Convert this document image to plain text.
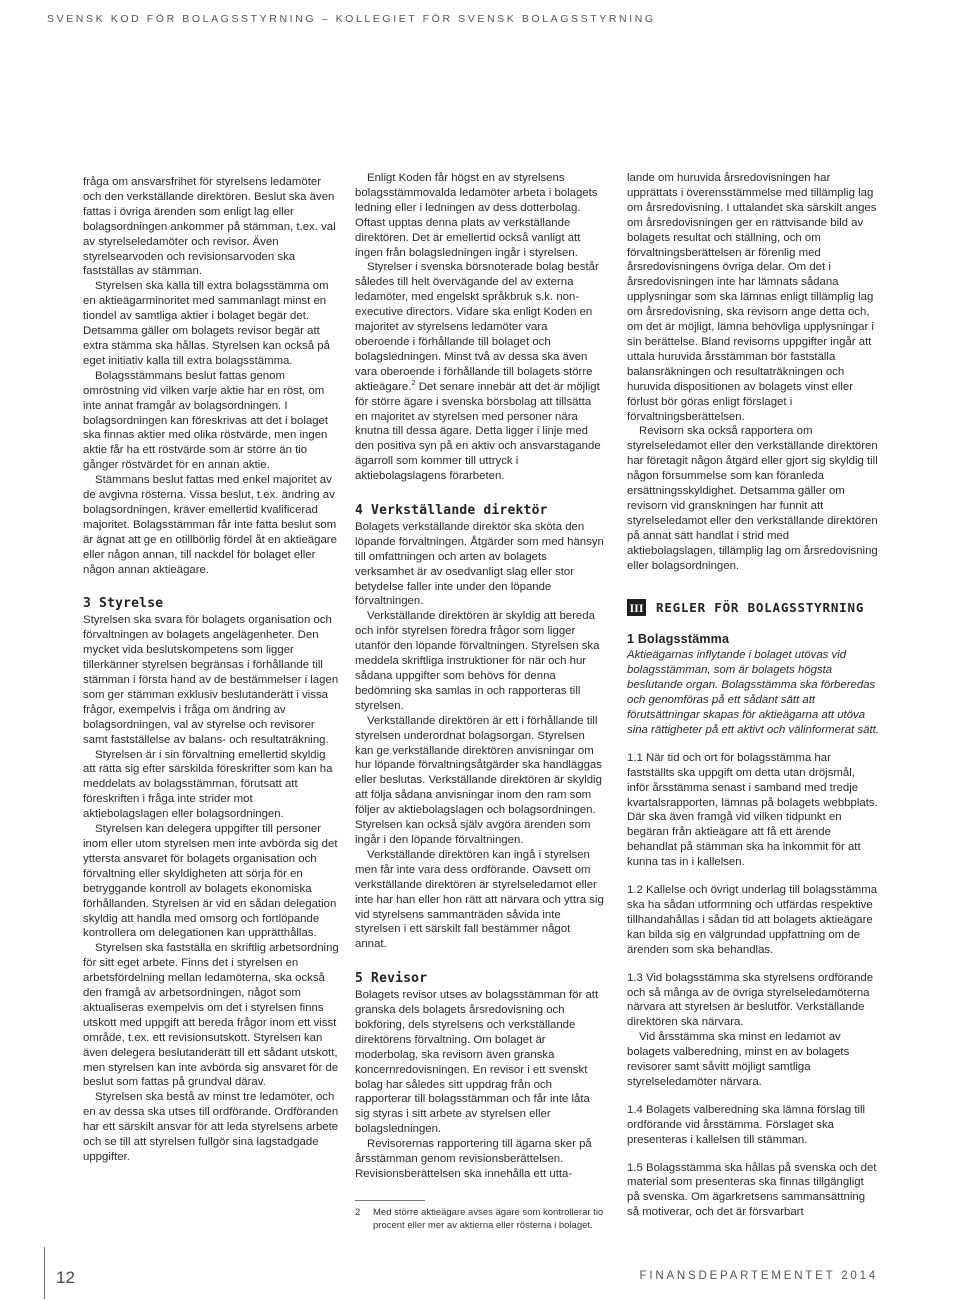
SVENSK KOD FÖR BOLAGSSTYRNING – KOLLEGIET FÖR SVENSK BOLAGSSTYRNING

fråga om ansvarsfrihet för styrelsens ledamöter och den verkställande direktören. Beslut ska även fattas i övriga ärenden som enligt lag eller bolagsordningen ankommer på stämman, t.ex. val av styrelseledamöter och revisor. Även styrelsearvoden och revisionsarvoden ska fastställas av stämman.

Styrelsen ska kalla till extra bolagsstämma om en aktieägarminoritet med sammanlagt minst en tiondel av samtliga aktier i bolaget begär det. Detsamma gäller om bolagets revisor begär att extra stämma ska hållas. Styrelsen kan också på eget initiativ kalla till extra bolagsstämma.

Bolagsstämmans beslut fattas genom omröstning vid vilken varje aktie har en röst, om inte annat framgår av bolagsordningen. I bolagsordningen kan föreskrivas att det i bolaget ska finnas aktier med olika röstvärde, men ingen aktie får ha ett röstvärde som är större än tio gånger röstvärdet för en annan aktie.

Stämmans beslut fattas med enkel majoritet av de avgivna rösterna. Vissa beslut, t.ex. ändring av bolagsordningen, kräver emellertid kvalificerad majoritet. Bolagsstämman får inte fatta beslut som är ägnat att ge en otillbörlig fördel åt en aktieägare eller någon annan, till nackdel för bolaget eller någon annan aktieägare.

3 Styrelse

Styrelsen ska svara för bolagets organisation och förvaltningen av bolagets angelägenheter. Den mycket vida beslutskompetens som ligger tillerkänner styrelsen begränsas i förhållande till stämman i första hand av de bestämmelser i lagen som ger stämman exklusiv beslutanderätt i vissa frågor, exempelvis i fråga om ändring av bolagsordningen, val av styrelse och revisorer samt fastställelse av balans- och resultaträkning.

Styrelsen är i sin förvaltning emellertid skyldig att rätta sig efter särskilda föreskrifter som kan ha meddelats av bolagsstämman, förutsatt att föreskriften i fråga inte strider mot aktiebolagslagen eller bolagsordningen.

Styrelsen kan delegera uppgifter till personer inom eller utom styrelsen men inte avbörda sig det yttersta ansvaret för bolagets organisation och förvaltning eller skyldigheten att sörja för en betryggande kontroll av bolagets ekonomiska förhållanden. Styrelsen är vid en sådan delegation skyldig att handla med omsorg och fortlöpande kontrollera om delegationen kan upprätthållas.

Styrelsen ska fastställa en skriftlig arbetsordning för sitt eget arbete. Finns det i styrelsen en arbetsfördelning mellan ledamöterna, ska också den framgå av arbetsordningen, något som aktualiseras exempelvis om det i styrelsen finns utskott med uppgift att bereda frågor inom ett visst område, t.ex. ett revisionsutskott. Styrelsen kan även delegera beslutanderätt till ett sådant utskott, men styrelsen kan inte avbörda sig ansvaret för de beslut som fattas på grundval därav.

Styrelsen ska bestå av minst tre ledamöter, och en av dessa ska utses till ordförande. Ordföranden har ett särskilt ansvar för att leda styrelsens arbete och se till att styrelsen fullgör sina lagstadgade uppgifter.

Enligt Koden får högst en av styrelsens bolagsstämmovalda ledamöter arbeta i bolagets ledning eller i ledningen av dess dotterbolag. Oftast upptas denna plats av verkställande direktören. Det är emellertid också vanligt att ingen från bolagsledningen ingår i styrelsen.

Styrelser i svenska börsnoterade bolag består således till helt övervägande del av externa ledamöter, med engelskt språkbruk s.k. non-executive directors. Vidare ska enligt Koden en majoritet av styrelsens ledamöter vara oberoende i förhållande till bolaget och bolagsledningen. Minst två av dessa ska även vara oberoende i förhållande till bolagets större aktieägare.$^2$ Det senare innebär att det är möjligt för större ägare i svenska börsbolag att tillsätta en majoritet av styrelsen med personer nära knutna till dessa ägare. Detta ligger i linje med den positiva syn på en aktiv och ansvarstagande ägarroll som kommer till uttryck i aktiebolagslagens förarbeten.

4 Verkställande direktör

Bolagets verkställande direktör ska sköta den löpande förvaltningen. Åtgärder som med hänsyn till omfattningen och arten av bolagets verksamhet är av osedvanligt slag eller stor betydelse faller inte under den löpande förvaltningen.

Verkställande direktören är skyldig att bereda och inför styrelsen föredra frågor som ligger utanför den löpande förvaltningen. Styrelsen ska meddela skriftliga instruktioner för när och hur sådana uppgifter som behövs för denna bedömning ska samlas in och rapporteras till styrelsen.

Verkställande direktören är ett i förhållande till styrelsen underordnat bolagsorgan. Styrelsen kan ge verkställande direktören anvisningar om hur löpande förvaltningsåtgärder ska handläggas eller beslutas. Verkställande direktören är skyldig att följa sådana anvisningar inom den ram som följer av aktiebolagslagen och bolagsordningen. Styrelsen kan också själv avgöra ärenden som ingår i den löpande förvaltningen.

Verkställande direktören kan ingå i styrelsen men får inte vara dess ordförande. Oavsett om verkställande direktören är styrelseledamot eller inte har han eller hon rätt att närvara och yttra sig vid styrelsens sammanträden såvida inte styrelsen i ett särskilt fall bestämmer något annat.

5 Revisor

Bolagets revisor utses av bolagsstämman för att granska dels bolagets årsredovisning och bokföring, dels styrelsens och verkställande direktörens förvaltning. Om bolaget är moderbolag, ska revisorn även granska koncernredovisningen. En revisor i ett svenskt bolag har således sitt uppdrag från och rapporterar till bolagsstämman och får inte låta sig styras i sitt arbete av styrelsen eller bolagsledningen.

Revisorernas rapportering till ägarna sker på årsstämman genom revisionsberättelsen. Revisionsberättelsen ska innehålla ett utta-

2	Med större aktieägare avses ägare som kontrollerar tio procent eller mer av aktierna eller rösterna i bolaget.

lande om huruvida årsredovisningen har upprättats i överensstämmelse med tillämplig lag om årsredovisning. I uttalandet ska särskilt anges om årsredovisningen ger en rättvisande bild av bolagets resultat och ställning, och om förvaltningsberättelsen är förenlig med årsredovisningens övriga delar. Om det i årsredovisningen inte har lämnats sådana upplysningar som ska lämnas enligt tillämplig lag om årsredovisning, ska revisorn ange detta och, om det är möjligt, lämna behövliga upplysningar i sin berättelse. Bland revisorns uppgifter ingår att uttala huruvida årsstämman bör fastställa balansräkningen och resultaträkningen och huruvida dispositionen av bolagets vinst eller förlust bör göras enligt förslaget i förvaltningsberättelsen.

Revisorn ska också rapportera om styrelseledamot eller den verkställande direktören har företagit någon åtgärd eller gjort sig skyldig till någon försummelse som kan föranleda ersättningsskyldighet. Detsamma gäller om revisorn vid granskningen har funnit att styrelseledamot eller den verkställande direktören på annat sätt handlat i strid med aktiebolagslagen, tillämplig lag om årsredovisning eller bolagsordningen.

III REGLER FÖR BOLAGSSTYRNING
1 Bolagsstämma

Aktieägarnas inflytande i bolaget utövas vid bolagsstämman, som är bolagets högsta beslutande organ. Bolagsstämma ska förberedas och genomföras på ett sådant sätt att förutsättningar skapas för aktieägarna att utöva sina rättigheter på ett aktivt och välinformerat sätt.

1.1 När tid och ort för bolagsstämma har fastställts ska uppgift om detta utan dröjsmål, inför årsstämma senast i samband med tredje kvartalsrapporten, lämnas på bolagets webbplats. Där ska även framgå vid vilken tidpunkt en begäran från aktieägare att få ett ärende behandlat på stämman ska ha inkommit för att kunna tas in i kallelsen.

1.2 Kallelse och övrigt underlag till bolagsstämma ska ha sådan utformning och utfärdas respektive tillhandahållas i sådan tid att bolagets aktieägare kan bilda sig en välgrundad uppfattning om de ärenden som ska behandlas.

1.3 Vid bolagsstämma ska styrelsens ordförande och så många av de övriga styrelseledamöterna närvara att styrelsen är beslutför. Verkställande direktören ska närvara.

Vid årsstämma ska minst en ledamot av bolagets valberedning, minst en av bolagets revisorer samt såvitt möjligt samtliga styrelseledamöter närvara.

1.4 Bolagets valberedning ska lämna förslag till ordförande vid årsstämma. Förslaget ska presenteras i kallelsen till stämman.

1.5 Bolagsstämma ska hållas på svenska och det material som presenteras ska finnas tillgängligt på svenska. Om ägarkretsens sammansättning så motiverar, och det är försvarbart

12	FINANSDEPARTEMENTET 2014
